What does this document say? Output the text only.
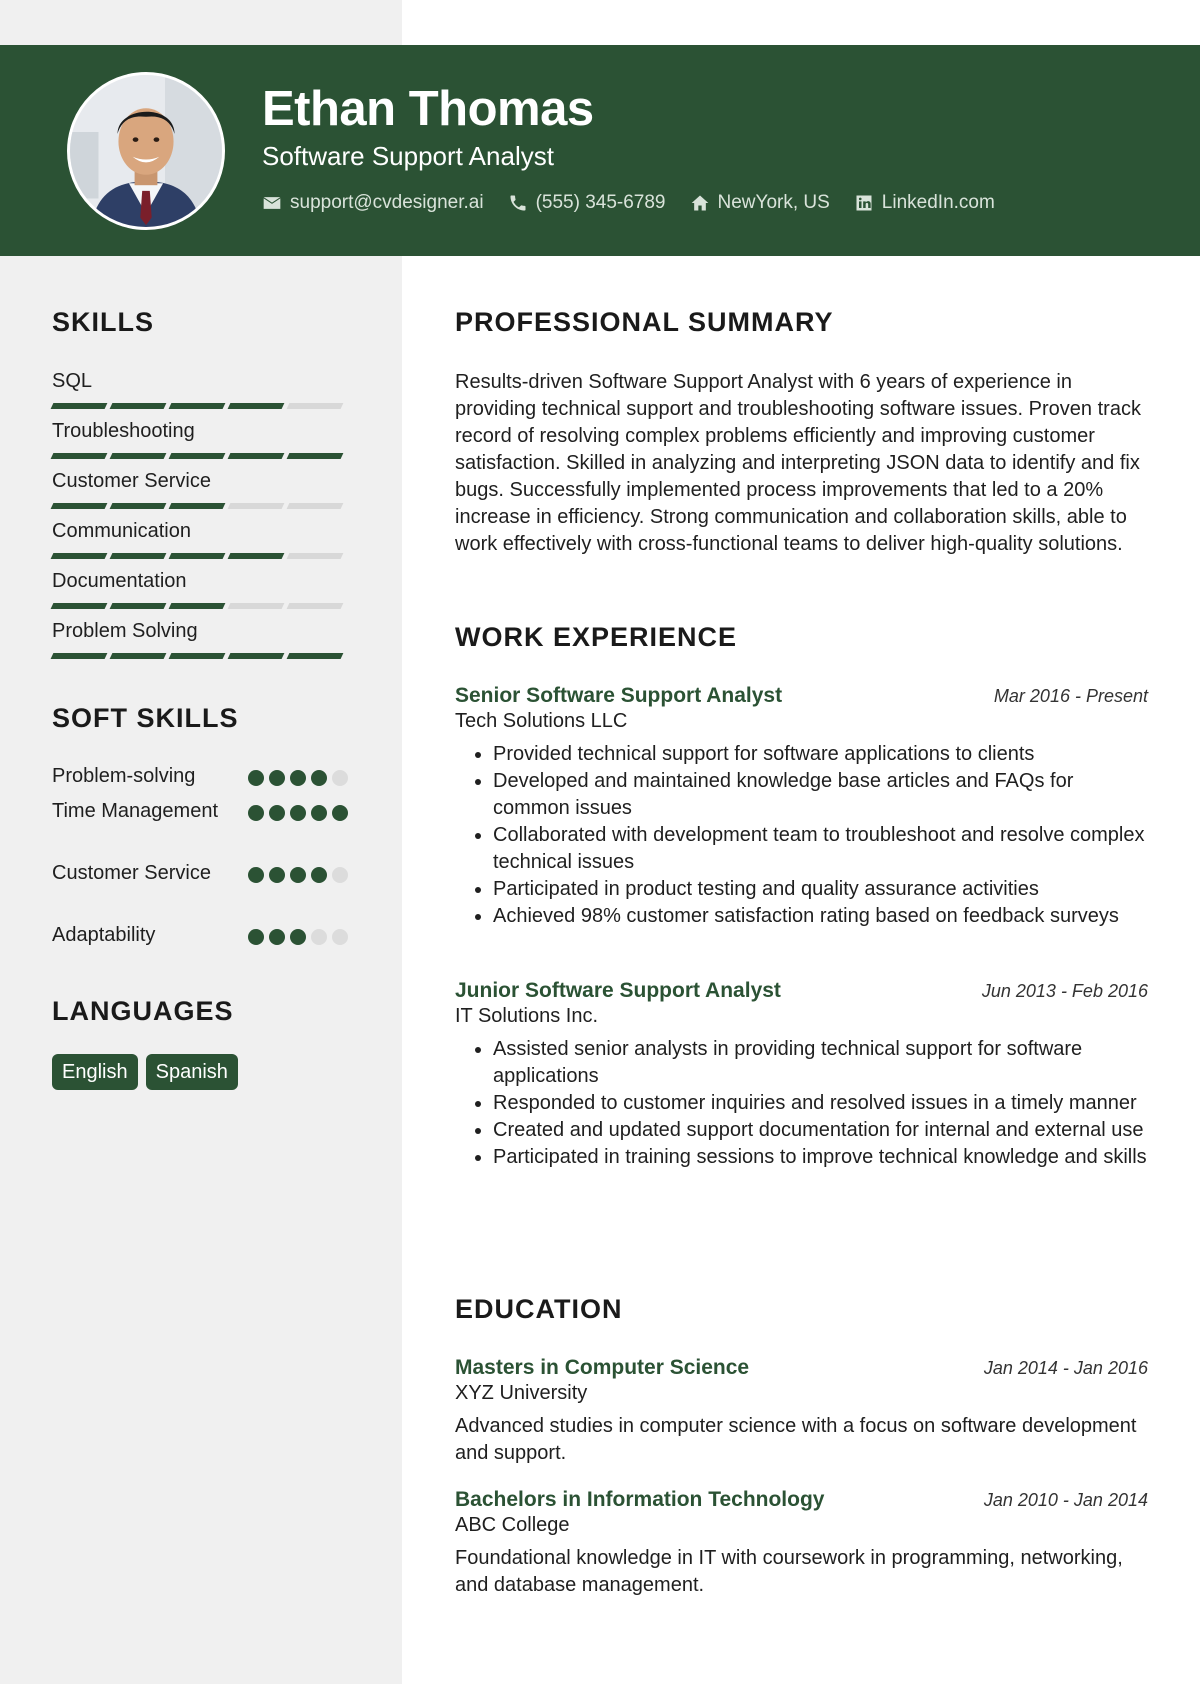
Ethan Thomas
Software Support Analyst
support@cvdesigner.ai	(555) 345-6789	NewYork, US	LinkedIn.com
SKILLS
SQL
Troubleshooting
Customer Service
Communication
Documentation
Problem Solving
SOFT SKILLS
Problem-solving
Time Management
Customer Service
Adaptability
LANGUAGES
English	Spanish
PROFESSIONAL SUMMARY
Results-driven Software Support Analyst with 6 years of experience in providing technical support and troubleshooting software issues. Proven track record of resolving complex problems efficiently and improving customer satisfaction. Skilled in analyzing and interpreting JSON data to identify and fix bugs. Successfully implemented process improvements that led to a 20% increase in efficiency. Strong communication and collaboration skills, able to work effectively with cross-functional teams to deliver high-quality solutions.
WORK EXPERIENCE
Senior Software Support Analyst	Mar 2016 - Present
Tech Solutions LLC
• Provided technical support for software applications to clients
• Developed and maintained knowledge base articles and FAQs for common issues
• Collaborated with development team to troubleshoot and resolve complex technical issues
• Participated in product testing and quality assurance activities
• Achieved 98% customer satisfaction rating based on feedback surveys
Junior Software Support Analyst	Jun 2013 - Feb 2016
IT Solutions Inc.
• Assisted senior analysts in providing technical support for software applications
• Responded to customer inquiries and resolved issues in a timely manner
• Created and updated support documentation for internal and external use
• Participated in training sessions to improve technical knowledge and skills
EDUCATION
Masters in Computer Science	Jan 2014 - Jan 2016
XYZ University
Advanced studies in computer science with a focus on software development and support.
Bachelors in Information Technology	Jan 2010 - Jan 2014
ABC College
Foundational knowledge in IT with coursework in programming, networking, and database management.
